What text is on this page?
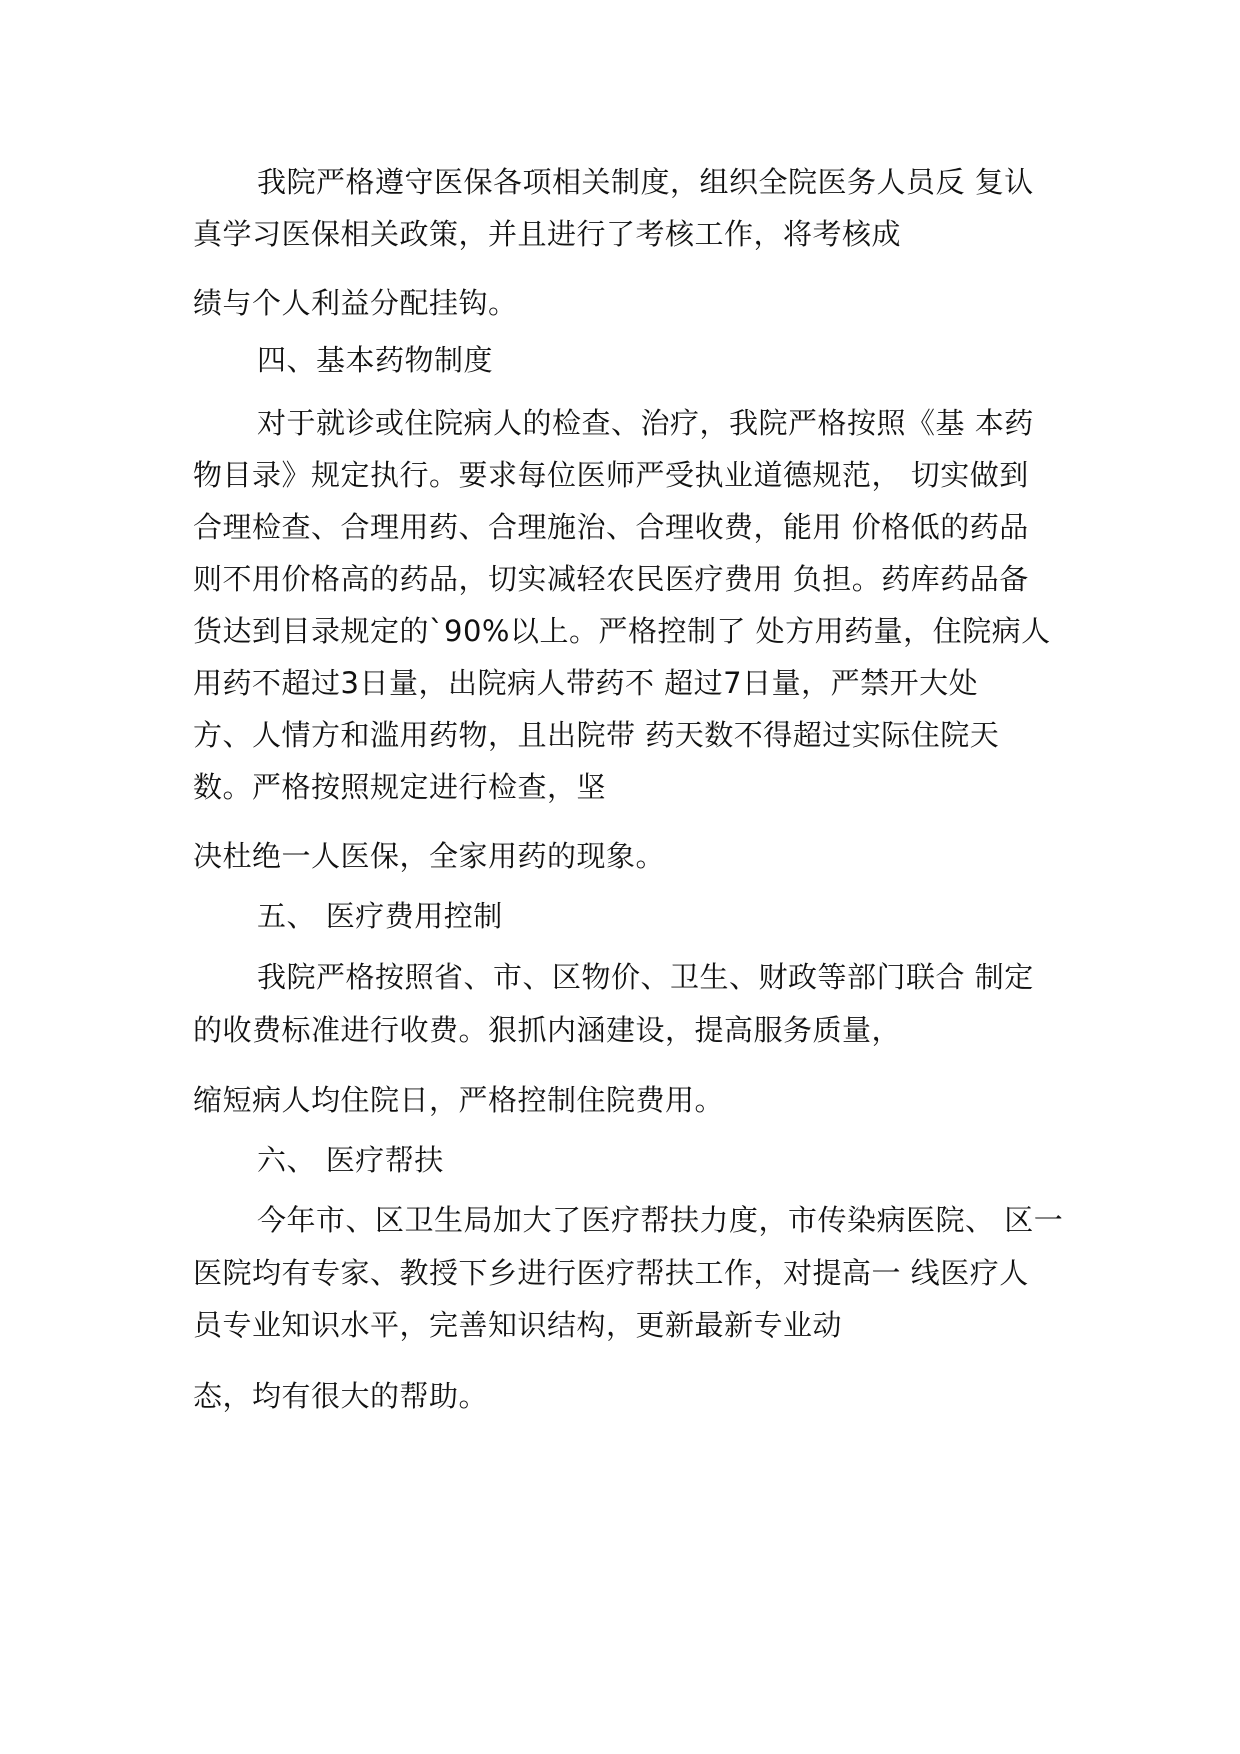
我院严格遵守医保各项相关制度，组织全院医务人员反 复认
真学习医保相关政策，并且进行了考核工作，将考核成
绩与个人利益分配挂钩。
四、基本药物制度
对于就诊或住院病人的检查、治疗，我院严格按照《基 本药
物目录》规定执行。要求每位医师严受执业道德规范， 切实做到
合理检查、合理用药、合理施治、合理收费，能用 价格低的药品
则不用价格高的药品，切实减轻农民医疗费用 负担。药库药品备
货达到目录规定的`90%以上。严格控制了 处方用药量，住院病人
用药不超过3日量，出院病人带药不 超过7日量，严禁开大处
方、人情方和滥用药物，且出院带 药天数不得超过实际住院天
数。严格按照规定进行检查，坚
决杜绝一人医保，全家用药的现象。
五、 医疗费用控制
我院严格按照省、市、区物价、卫生、财政等部门联合 制定
的收费标准进行收费。狠抓内涵建设，提高服务质量，
缩短病人均住院日，严格控制住院费用。
六、 医疗帮扶
今年市、区卫生局加大了医疗帮扶力度，市传染病医院、 区一
医院均有专家、教授下乡进行医疗帮扶工作，对提高一 线医疗人
员专业知识水平，完善知识结构，更新最新专业动
态，均有很大的帮助。
